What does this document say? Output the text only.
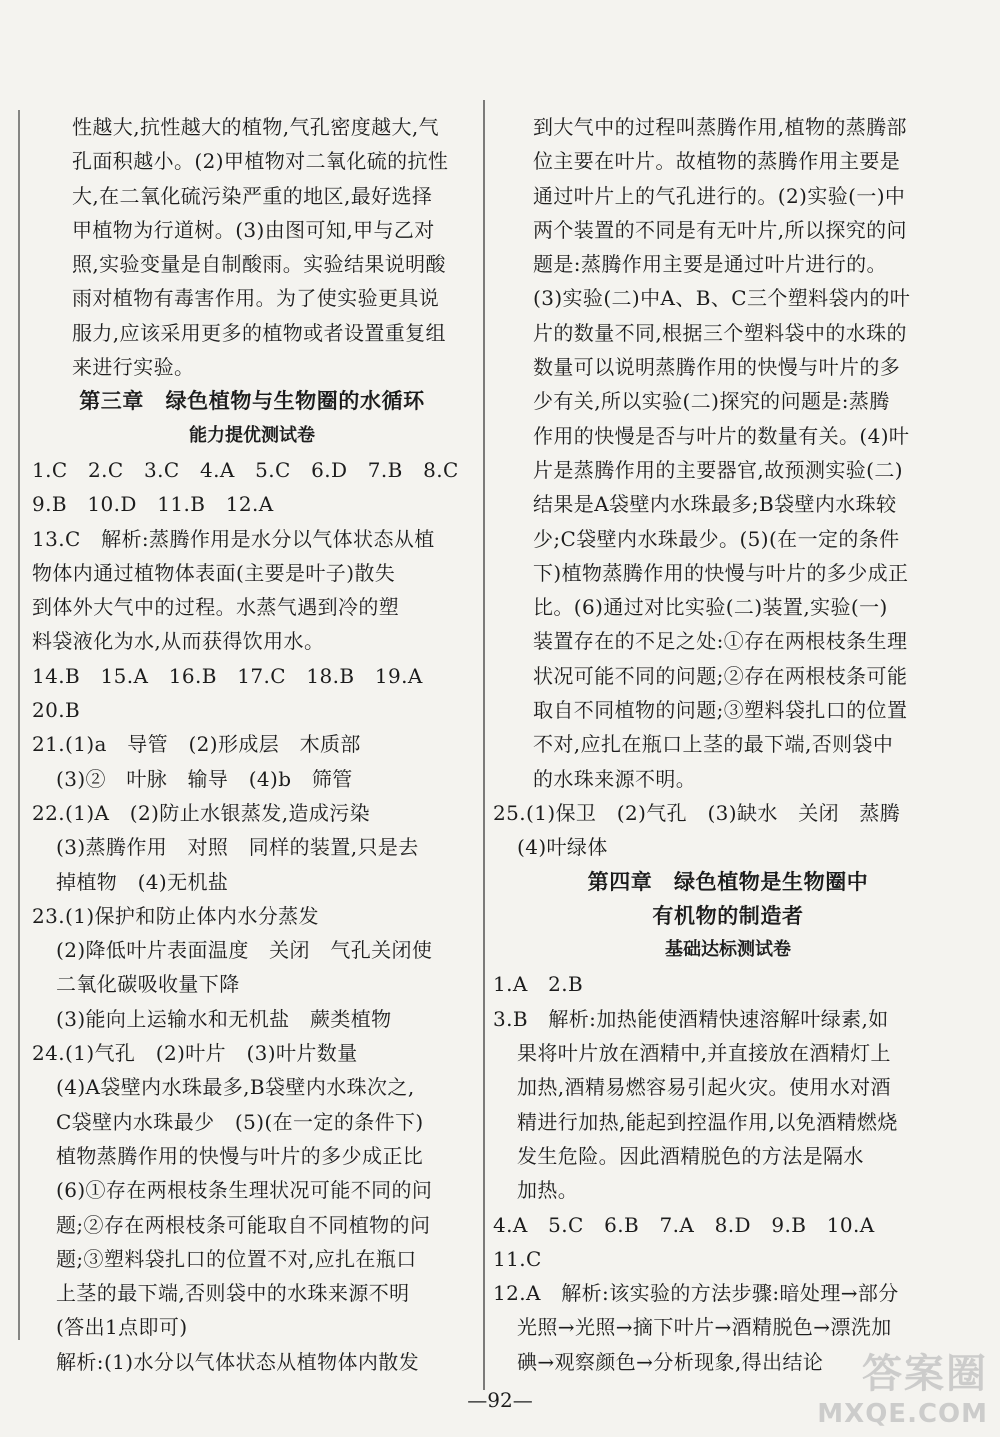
性越大,抗性越大的植物,气孔密度越大,气
孔面积越小。(2)甲植物对二氧化硫的抗性
大,在二氧化硫污染严重的地区,最好选择
甲植物为行道树。(3)由图可知,甲与乙对
照,实验变量是自制酸雨。实验结果说明酸
雨对植物有毒害作用。为了使实验更具说
服力,应该采用更多的植物或者设置重复组
来进行实验。
第三章　绿色植物与生物圈的水循环
能力提优测试卷
1.C　2.C　3.C　4.A　5.C　6.D　7.B　8.C
9.B　10.D　11.B　12.A
13.C　解析:蒸腾作用是水分以气体状态从植
物体内通过植物体表面(主要是叶子)散失
到体外大气中的过程。水蒸气遇到冷的塑
料袋液化为水,从而获得饮用水。
14.B　15.A　16.B　17.C　18.B　19.A
20.B
21.(1)a　导管　(2)形成层　木质部
(3)②　叶脉　输导　(4)b　筛管
22.(1)A　(2)防止水银蒸发,造成污染
(3)蒸腾作用　对照　同样的装置,只是去
掉植物　(4)无机盐
23.(1)保护和防止体内水分蒸发
(2)降低叶片表面温度　关闭　气孔关闭使
二氧化碳吸收量下降
(3)能向上运输水和无机盐　蕨类植物
24.(1)气孔　(2)叶片　(3)叶片数量
(4)A袋壁内水珠最多,B袋壁内水珠次之,
C袋壁内水珠最少　(5)(在一定的条件下)
植物蒸腾作用的快慢与叶片的多少成正比
(6)①存在两根枝条生理状况可能不同的问
题;②存在两根枝条可能取自不同植物的问
题;③塑料袋扎口的位置不对,应扎在瓶口
上茎的最下端,否则袋中的水珠来源不明
(答出1点即可)
解析:(1)水分以气体状态从植物体内散发
到大气中的过程叫蒸腾作用,植物的蒸腾部
位主要在叶片。故植物的蒸腾作用主要是
通过叶片上的气孔进行的。(2)实验(一)中
两个装置的不同是有无叶片,所以探究的问
题是:蒸腾作用主要是通过叶片进行的。
(3)实验(二)中A、B、C三个塑料袋内的叶
片的数量不同,根据三个塑料袋中的水珠的
数量可以说明蒸腾作用的快慢与叶片的多
少有关,所以实验(二)探究的问题是:蒸腾
作用的快慢是否与叶片的数量有关。(4)叶
片是蒸腾作用的主要器官,故预测实验(二)
结果是A袋壁内水珠最多;B袋壁内水珠较
少;C袋壁内水珠最少。(5)(在一定的条件
下)植物蒸腾作用的快慢与叶片的多少成正
比。(6)通过对比实验(二)装置,实验(一)
装置存在的不足之处:①存在两根枝条生理
状况可能不同的问题;②存在两根枝条可能
取自不同植物的问题;③塑料袋扎口的位置
不对,应扎在瓶口上茎的最下端,否则袋中
的水珠来源不明。
25.(1)保卫　(2)气孔　(3)缺水　关闭　蒸腾
(4)叶绿体
第四章　绿色植物是生物圈中
有机物的制造者
基础达标测试卷
1.A　2.B
3.B　解析:加热能使酒精快速溶解叶绿素,如
果将叶片放在酒精中,并直接放在酒精灯上
加热,酒精易燃容易引起火灾。使用水对酒
精进行加热,能起到控温作用,以免酒精燃烧
发生危险。因此酒精脱色的方法是隔水
加热。
4.A　5.C　6.B　7.A　8.D　9.B　10.A
11.C
12.A　解析:该实验的方法步骤:暗处理→部分
光照→光照→摘下叶片→酒精脱色→漂洗加
碘→观察颜色→分析现象,得出结论
—92—
答案圈
MXQE.COM
